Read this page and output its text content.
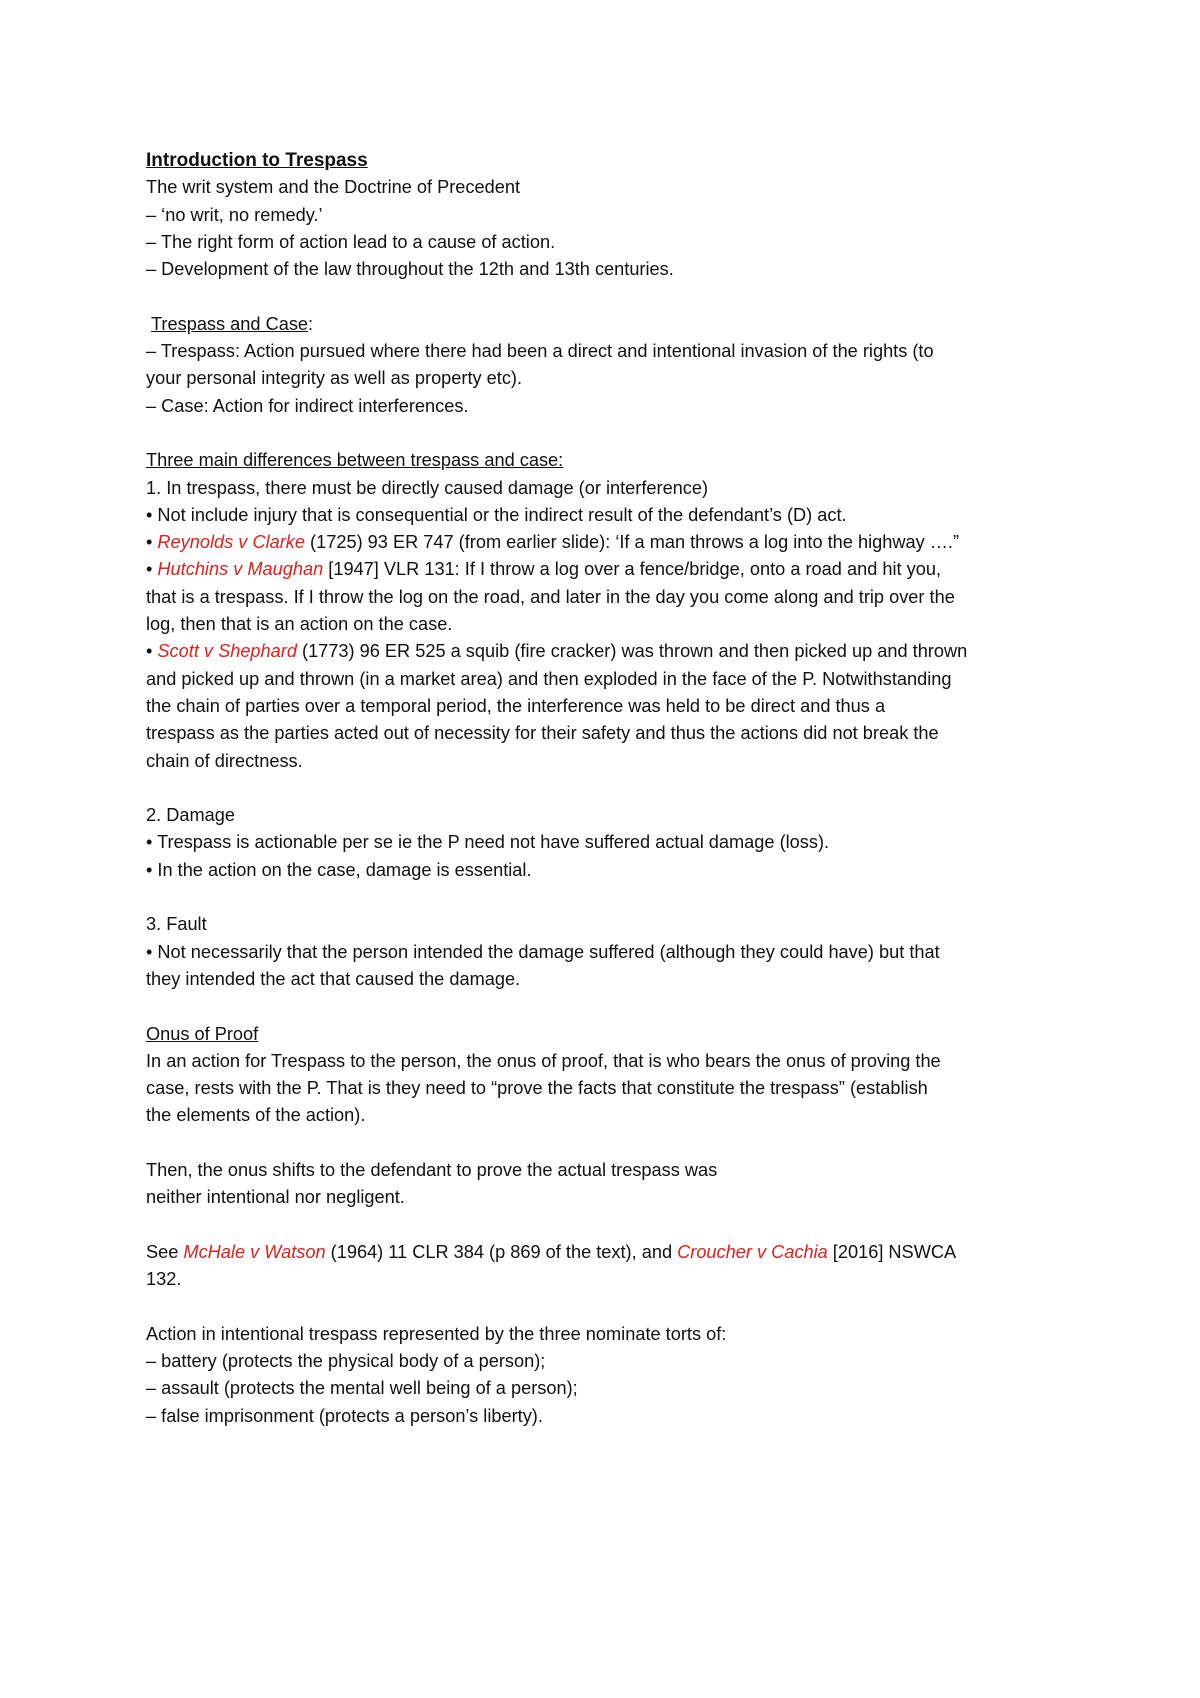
Introduction to Trespass
The writ system and the Doctrine of Precedent
– ‘no writ, no remedy.’
– The right form of action lead to a cause of action.
– Development of the law throughout the 12th and 13th centuries.
Trespass and Case:
– Trespass: Action pursued where there had been a direct and intentional invasion of the rights (to
your personal integrity as well as property etc).
– Case: Action for indirect interferences.
Three main differences between trespass and case:
1. In trespass, there must be directly caused damage (or interference)
• Not include injury that is consequential or the indirect result of the defendant’s (D) act.
• Reynolds v Clarke (1725) 93 ER 747 (from earlier slide): ‘If a man throws a log into the highway ….”
• Hutchins v Maughan [1947] VLR 131: If I throw a log over a fence/bridge, onto a road and hit you,
that is a trespass. If I throw the log on the road, and later in the day you come along and trip over the
log, then that is an action on the case.
• Scott v Shephard (1773) 96 ER 525 a squib (fire cracker) was thrown and then picked up and thrown
and picked up and thrown (in a market area) and then exploded in the face of the P. Notwithstanding
the chain of parties over a temporal period, the interference was held to be direct and thus a
trespass as the parties acted out of necessity for their safety and thus the actions did not break the
chain of directness.
2. Damage
• Trespass is actionable per se ie the P need not have suffered actual damage (loss).
• In the action on the case, damage is essential.
3. Fault
• Not necessarily that the person intended the damage suffered (although they could have) but that
they intended the act that caused the damage.
Onus of Proof
In an action for Trespass to the person, the onus of proof, that is who bears the onus of proving the
case, rests with the P. That is they need to “prove the facts that constitute the trespass” (establish
the elements of the action).
Then, the onus shifts to the defendant to prove the actual trespass was
neither intentional nor negligent.
See McHale v Watson (1964) 11 CLR 384 (p 869 of the text), and Croucher v Cachia [2016] NSWCA
132.
Action in intentional trespass represented by the three nominate torts of:
– battery (protects the physical body of a person);
– assault (protects the mental well being of a person);
– false imprisonment (protects a person’s liberty).
